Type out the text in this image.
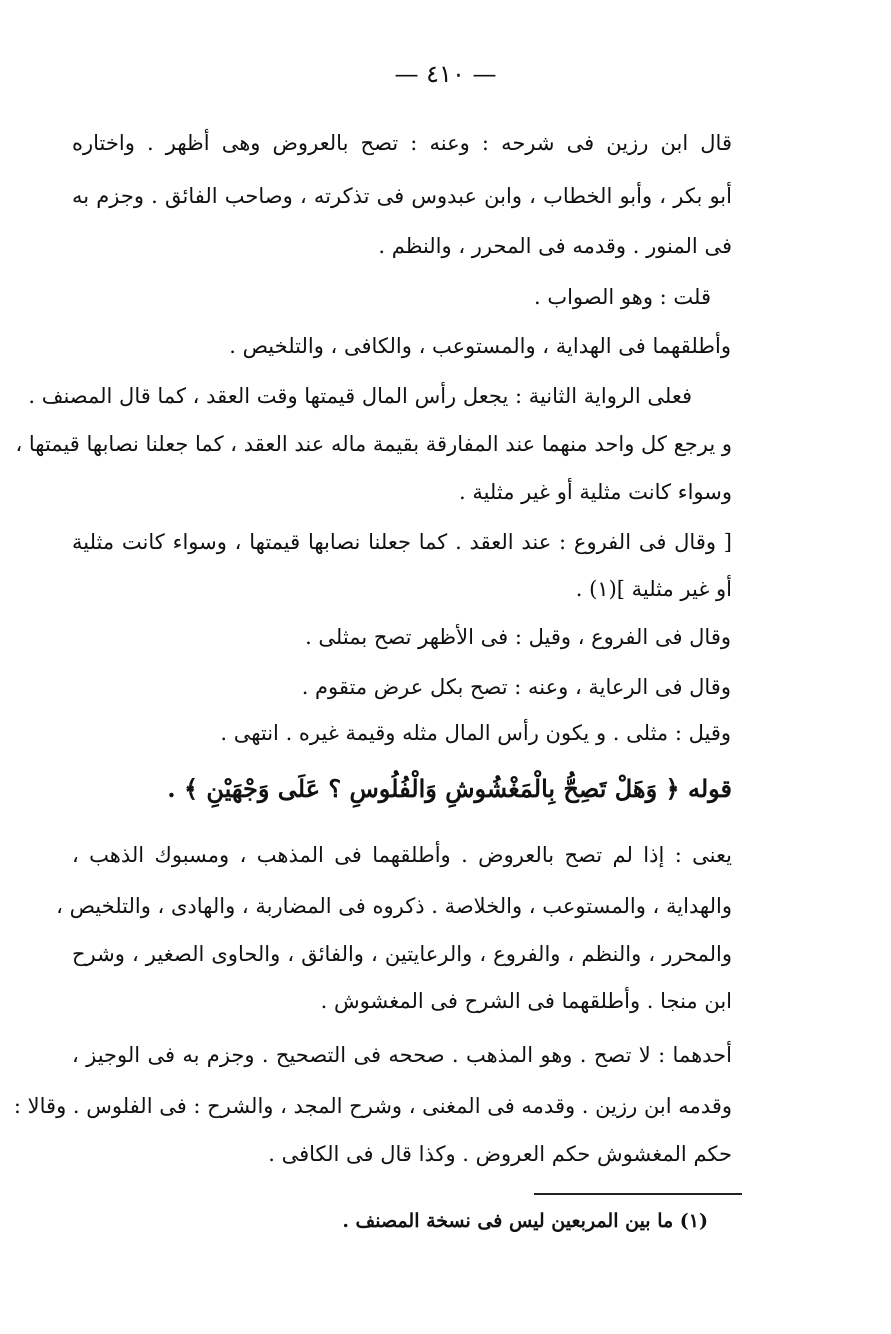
— ٤١٠ —
قال ابن رزين فى شرحه : وعنه : تصح بالعروض وهى أظهر . واختاره
أبو بكر ، وأبو الخطاب ، وابن عبدوس فى تذكرته ، وصاحب الفائق . وجزم به
فى المنور . وقدمه فى المحرر ، والنظم .
قلت : وهو الصواب .
وأطلقهما فى الهداية ، والمستوعب ، والكافى ، والتلخيص .
فعلى الرواية الثانية : يجعل رأس المال قيمتها وقت العقد ، كما قال المصنف .
و يرجع كل واحد منهما عند المفارقة بقيمة ماله عند العقد ، كما جعلنا نصابها قيمتها ،
وسواء كانت مثلية أو غير مثلية .
[ وقال فى الفروع : عند العقد . كما جعلنا نصابها قيمتها ، وسواء كانت مثلية
أو غير مثلية ](١) .
وقال فى الفروع ، وقيل : فى الأظهر تصح بمثلى .
وقال فى الرعاية ، وعنه : تصح بكل عرض متقوم .
وقيل : مثلى . و يكون رأس المال مثله وقيمة غيره . انتهى .
قوله ﴿ وَهَلْ تَصِحُّ بِالْمَغْشُوشِ وَالْفُلُوسِ ؟ عَلَى وَجْهَيْنِ ﴾ .
يعنى : إذا لم تصح بالعروض . وأطلقهما فى المذهب ، ومسبوك الذهب ،
والهداية ، والمستوعب ، والخلاصة . ذكروه فى المضاربة ، والهادى ، والتلخيص ،
والمحرر ، والنظم ، والفروع ، والرعايتين ، والفائق ، والحاوى الصغير ، وشرح
ابن منجا . وأطلقهما فى الشرح فى المغشوش .
أحدهما : لا تصح . وهو المذهب . صححه فى التصحيح . وجزم به فى الوجيز ،
وقدمه ابن رزين . وقدمه فى المغنى ، وشرح المجد ، والشرح : فى الفلوس . وقالا :
حكم المغشوش حكم العروض . وكذا قال فى الكافى .
(١) ما بين المربعين ليس فى نسخة المصنف .
